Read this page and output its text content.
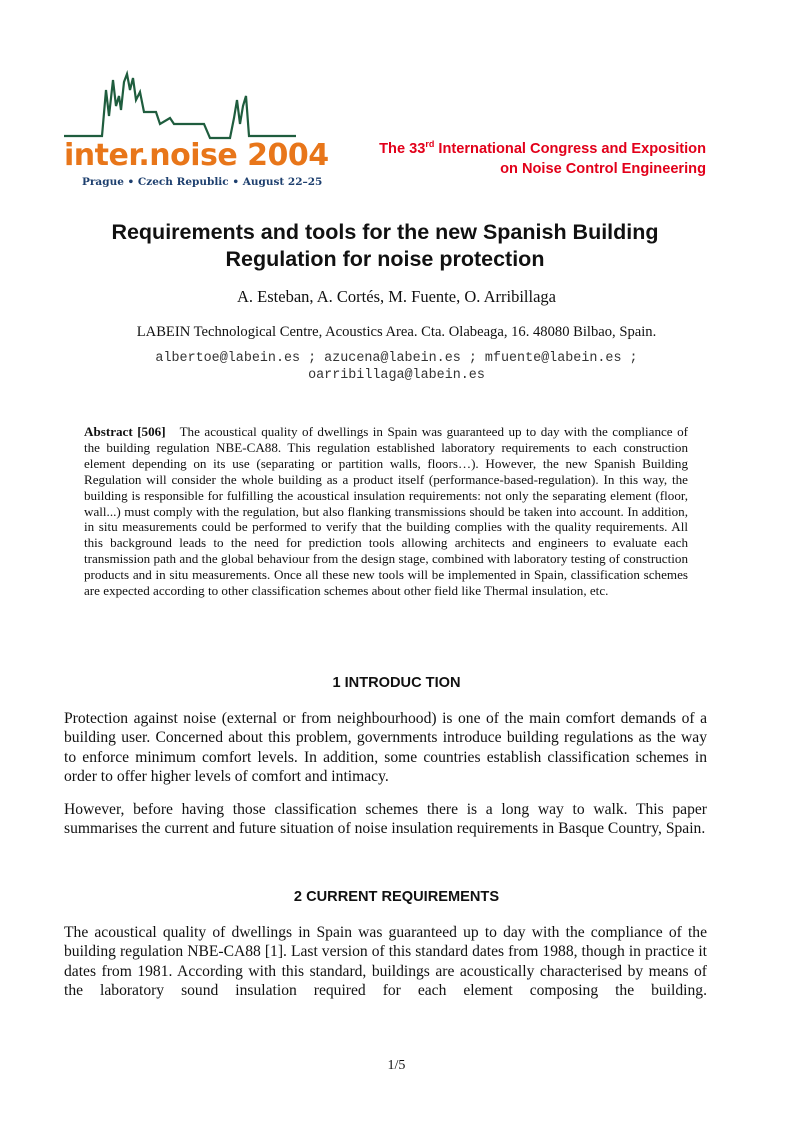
inter.noise 2004
Prague • Czech Republic • August 22–25
The 33rd International Congress and Exposition
on Noise Control Engineering
Requirements and tools for the new Spanish Building
Regulation for noise protection

A. Esteban, A. Cortés, M. Fuente, O. Arribillaga

LABEIN Technological Centre, Acoustics Area. Cta. Olabeaga, 16. 48080 Bilbao, Spain.

albertoe@labein.es ; azucena@labein.es ; mfuente@labein.es ;
oarribillaga@labein.es

Abstract [506] The acoustical quality of dwellings in Spain was guaranteed up to day with the compliance of the building regulation NBE-CA88. This regulation established laboratory requirements to each construction element depending on its use (separating or partition walls, floors…). However, the new Spanish Building Regulation will consider the whole building as a product itself (performance-based-regulation). In this way, the building is responsible for fulfilling the acoustical insulation requirements: not only the separating element (floor, wall...) must comply with the regulation, but also flanking transmissions should be taken into account. In addition, in situ measurements could be performed to verify that the building complies with the quality requirements. All this background leads to the need for prediction tools allowing architects and engineers to evaluate each transmission path and the global behaviour from the design stage, combined with laboratory testing of construction products and in situ measurements. Once all these new tools will be implemented in Spain, classification schemes are expected according to other classification schemes about other field like Thermal insulation, etc.

1 INTRODUC TION

Protection against noise (external or from neighbourhood) is one of the main comfort demands of a building user. Concerned about this problem, governments introduce building regulations as the way to enforce minimum comfort levels. In addition, some countries establish classification schemes in order to offer higher levels of comfort and intimacy.

However, before having those classification schemes there is a long way to walk. This paper summarises the current and future situation of noise insulation requirements in Basque Country, Spain.

2 CURRENT REQUIREMENTS

The acoustical quality of dwellings in Spain was guaranteed up to day with the compliance of the building regulation NBE-CA88 [1]. Last version of this standard dates from 1988, though in practice it dates from 1981. According with this standard, buildings are acoustically characterised by means of the laboratory sound insulation required for each element composing the building.

1/5
